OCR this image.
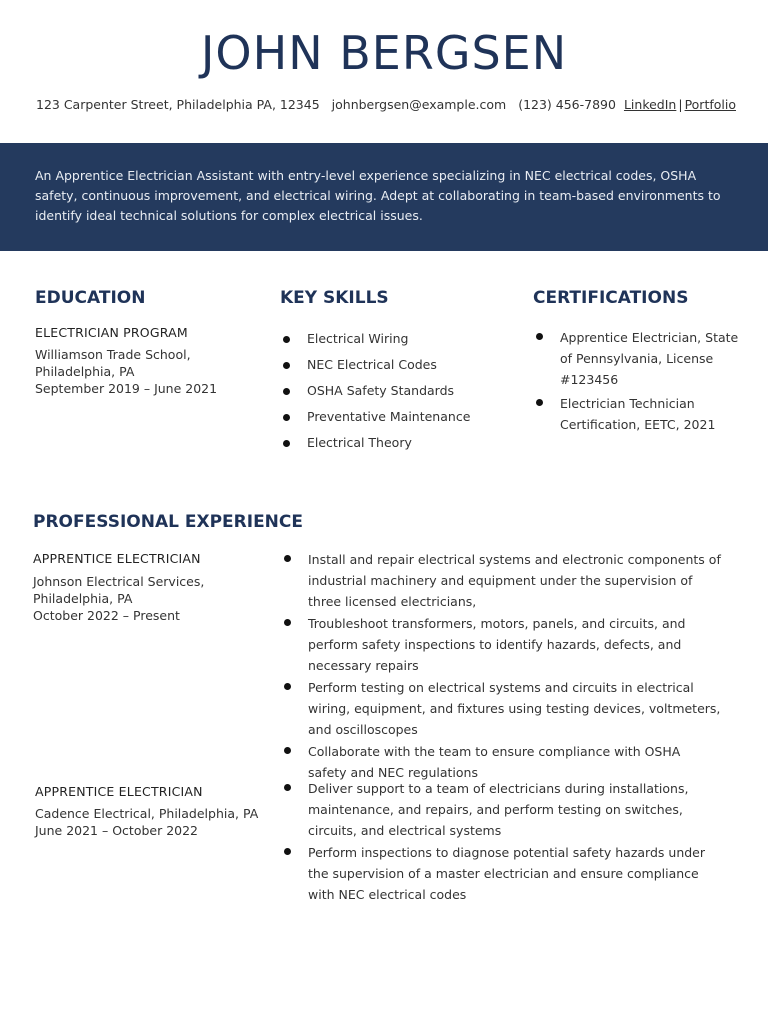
JOHN BERGSEN
123 Carpenter Street, Philadelphia PA, 12345 johnbergsen@example.com (123) 456-7890 LinkedIn | Portfolio
An Apprentice Electrician Assistant with entry-level experience specializing in NEC electrical codes, OSHA safety, continuous improvement, and electrical wiring. Adept at collaborating in team-based environments to identify ideal technical solutions for complex electrical issues.
EDUCATION
ELECTRICIAN PROGRAM
Williamson Trade School,
Philadelphia, PA
September 2019 – June 2021
KEY SKILLS
Electrical Wiring
NEC Electrical Codes
OSHA Safety Standards
Preventative Maintenance
Electrical Theory
CERTIFICATIONS
Apprentice Electrician, State of Pennsylvania, License #123456
Electrician Technician Certification, EETC, 2021
PROFESSIONAL EXPERIENCE
APPRENTICE ELECTRICIAN
Johnson Electrical Services,
Philadelphia, PA
October 2022 – Present
Install and repair electrical systems and electronic components of industrial machinery and equipment under the supervision of three licensed electricians,
Troubleshoot transformers, motors, panels, and circuits, and perform safety inspections to identify hazards, defects, and necessary repairs
Perform testing on electrical systems and circuits in electrical wiring, equipment, and fixtures using testing devices, voltmeters, and oscilloscopes
Collaborate with the team to ensure compliance with OSHA safety and NEC regulations
APPRENTICE ELECTRICIAN
Cadence Electrical, Philadelphia, PA
June 2021 – October 2022
Deliver support to a team of electricians during installations, maintenance, and repairs, and perform testing on switches, circuits, and electrical systems
Perform inspections to diagnose potential safety hazards under the supervision of a master electrician and ensure compliance with NEC electrical codes
